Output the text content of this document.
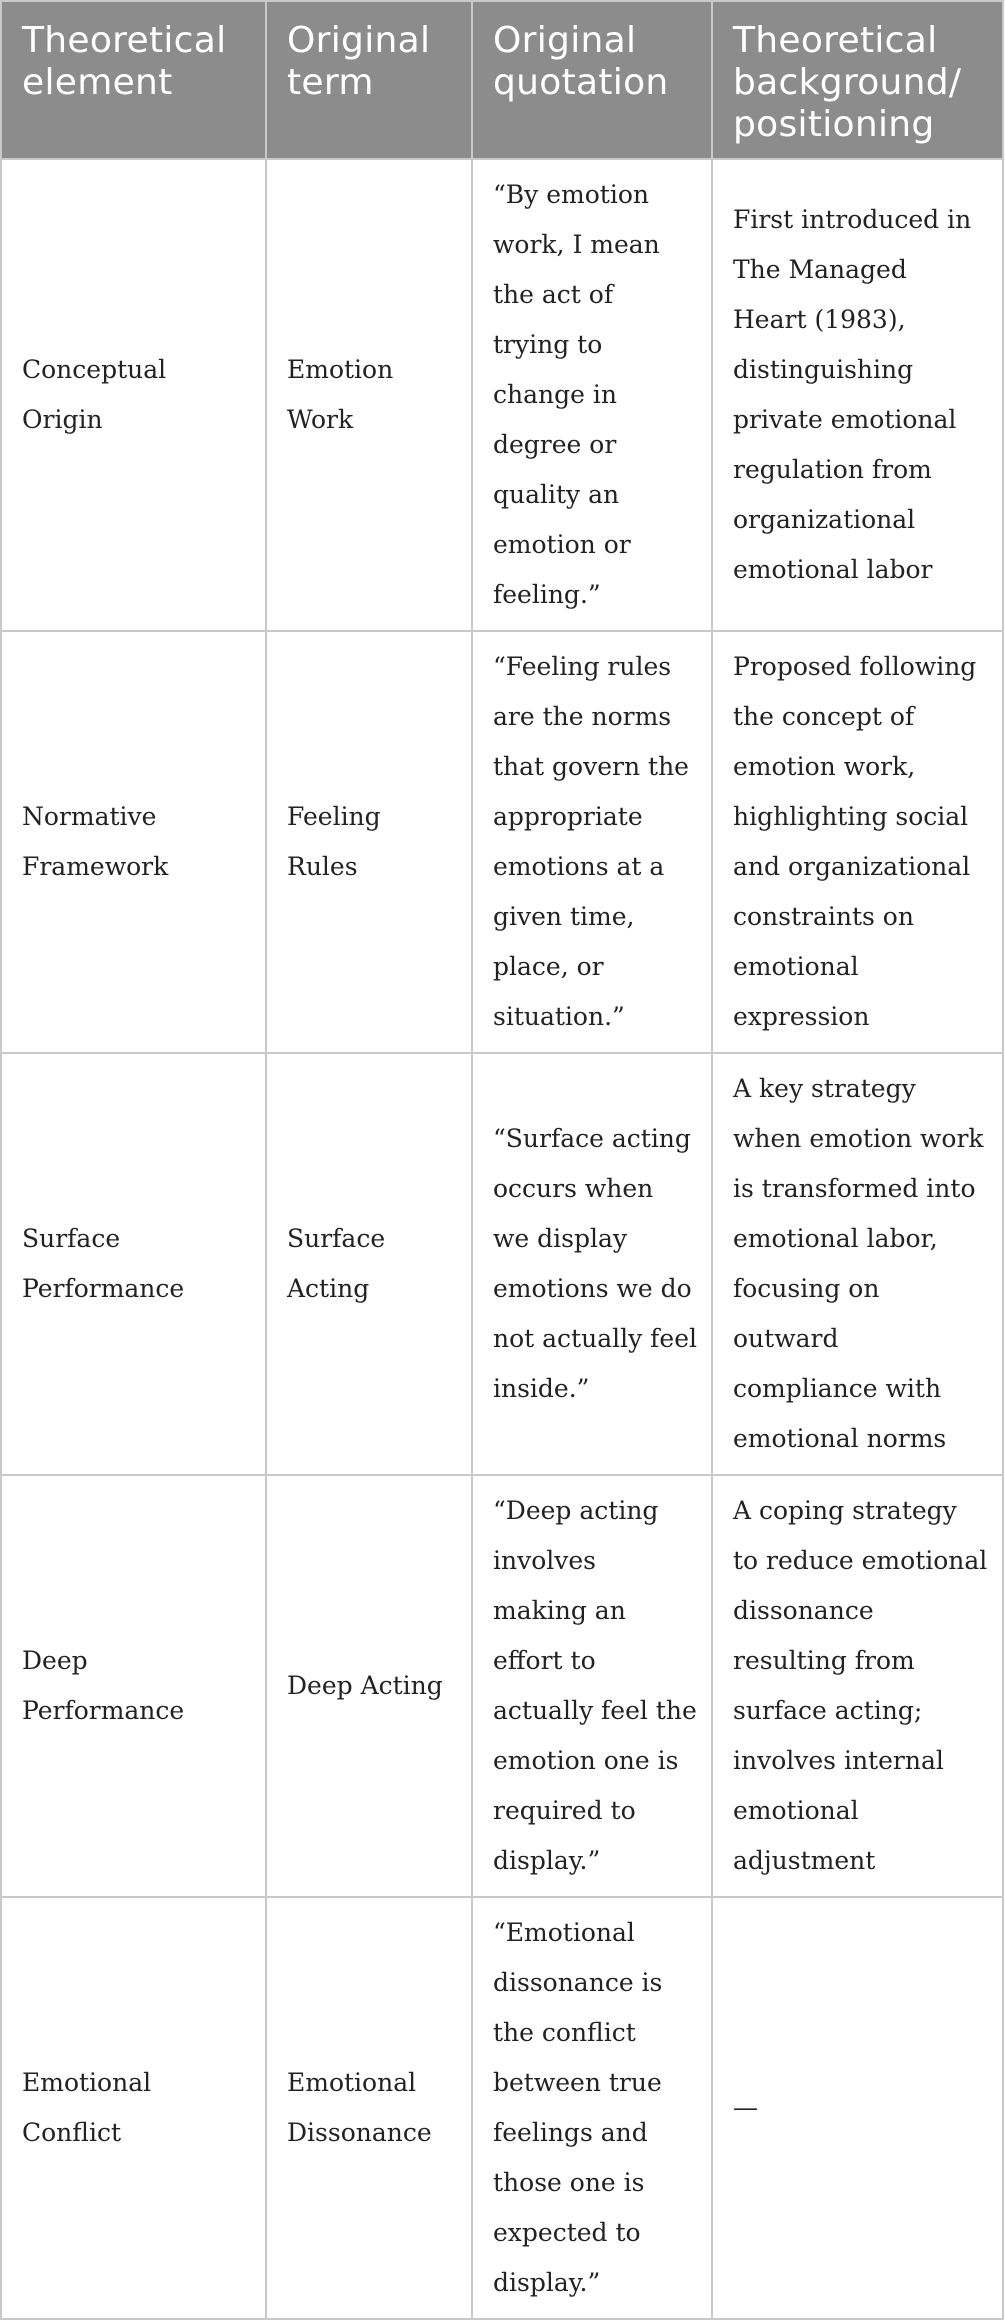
Theoretical element	Original term	Original quotation	Theoretical background/ positioning
Conceptual Origin	Emotion Work	“By emotion work, I mean the act of trying to change in degree or quality an emotion or feeling.”	First introduced in The Managed Heart (1983), distinguishing private emotional regulation from organizational emotional labor
Normative Framework	Feeling Rules	“Feeling rules are the norms that govern the appropriate emotions at a given time, place, or situation.”	Proposed following the concept of emotion work, highlighting social and organizational constraints on emotional expression
Surface Performance	Surface Acting	“Surface acting occurs when we display emotions we do not actually feel inside.”	A key strategy when emotion work is transformed into emotional labor, focusing on outward compliance with emotional norms
Deep Performance	Deep Acting	“Deep acting involves making an effort to actually feel the emotion one is required to display.”	A coping strategy to reduce emotional dissonance resulting from surface acting; involves internal emotional adjustment
Emotional Conflict	Emotional Dissonance	“Emotional dissonance is the conflict between true feelings and those one is expected to display.”	—
